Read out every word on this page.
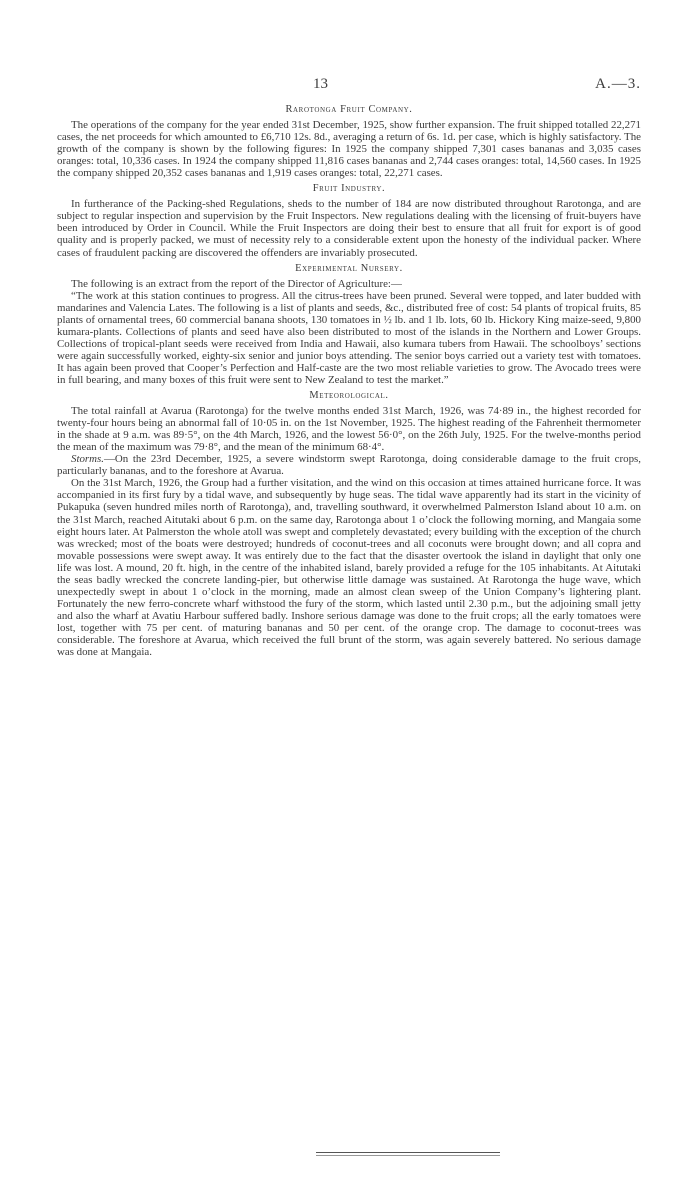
13	A.—3.
Rarotonga Fruit Company.

The operations of the company for the year ended 31st December, 1925, show further expansion. The fruit shipped totalled 22,271 cases, the net proceeds for which amounted to £6,710 12s. 8d., averaging a return of 6s. 1d. per case, which is highly satisfactory. The growth of the company is shown by the following figures: In 1925 the company shipped 7,301 cases bananas and 3,035 cases oranges: total, 10,336 cases. In 1924 the company shipped 11,816 cases bananas and 2,744 cases oranges: total, 14,560 cases. In 1925 the company shipped 20,352 cases bananas and 1,919 cases oranges: total, 22,271 cases.

Fruit Industry.

In furtherance of the Packing-shed Regulations, sheds to the number of 184 are now distributed throughout Rarotonga, and are subject to regular inspection and supervision by the Fruit Inspectors. New regulations dealing with the licensing of fruit-buyers have been introduced by Order in Council. While the Fruit Inspectors are doing their best to ensure that all fruit for export is of good quality and is properly packed, we must of necessity rely to a considerable extent upon the honesty of the individual packer. Where cases of fraudulent packing are discovered the offenders are invariably prosecuted.

Experimental Nursery.

The following is an extract from the report of the Director of Agriculture:—

“The work at this station continues to progress. All the citrus-trees have been pruned. Several were topped, and later budded with mandarines and Valencia Lates. The following is a list of plants and seeds, &c., distributed free of cost: 54 plants of tropical fruits, 85 plants of ornamental trees, 60 commercial banana shoots, 130 tomatoes in ½ lb. and 1 lb. lots, 60 lb. Hickory King maize-seed, 9,800 kumara-plants. Collections of plants and seed have also been distributed to most of the islands in the Northern and Lower Groups. Collections of tropical-plant seeds were received from India and Hawaii, also kumara tubers from Hawaii. The schoolboys’ sections were again successfully worked, eighty-six senior and junior boys attending. The senior boys carried out a variety test with tomatoes. It has again been proved that Cooper’s Perfection and Half-caste are the two most reliable varieties to grow. The Avocado trees were in full bearing, and many boxes of this fruit were sent to New Zealand to test the market.”

Meteorological.

The total rainfall at Avarua (Rarotonga) for the twelve months ended 31st March, 1926, was 74·89 in., the highest recorded for twenty-four hours being an abnormal fall of 10·05 in. on the 1st November, 1925. The highest reading of the Fahrenheit thermometer in the shade at 9 a.m. was 89·5°, on the 4th March, 1926, and the lowest 56·0°, on the 26th July, 1925. For the twelve-months period the mean of the maximum was 79·8°, and the mean of the minimum 68·4°.

Storms.—On the 23rd December, 1925, a severe windstorm swept Rarotonga, doing considerable damage to the fruit crops, particularly bananas, and to the foreshore at Avarua.

On the 31st March, 1926, the Group had a further visitation, and the wind on this occasion at times attained hurricane force. It was accompanied in its first fury by a tidal wave, and subsequently by huge seas. The tidal wave apparently had its start in the vicinity of Pukapuka (seven hundred miles north of Rarotonga), and, travelling southward, it overwhelmed Palmerston Island about 10 a.m. on the 31st March, reached Aitutaki about 6 p.m. on the same day, Rarotonga about 1 o’clock the following morning, and Mangaia some eight hours later. At Palmerston the whole atoll was swept and completely devastated; every building with the exception of the church was wrecked; most of the boats were destroyed; hundreds of coconut-trees and all coconuts were brought down; and all copra and movable possessions were swept away. It was entirely due to the fact that the disaster overtook the island in daylight that only one life was lost. A mound, 20 ft. high, in the centre of the inhabited island, barely provided a refuge for the 105 inhabitants. At Aitutaki the seas badly wrecked the concrete landing-pier, but otherwise little damage was sustained. At Rarotonga the huge wave, which unexpectedly swept in about 1 o’clock in the morning, made an almost clean sweep of the Union Company’s lightering plant. Fortunately the new ferro-concrete wharf withstood the fury of the storm, which lasted until 2.30 p.m., but the adjoining small jetty and also the wharf at Avatiu Harbour suffered badly. Inshore serious damage was done to the fruit crops; all the early tomatoes were lost, together with 75 per cent. of maturing bananas and 50 per cent. of the orange crop. The damage to coconut-trees was considerable. The foreshore at Avarua, which received the full brunt of the storm, was again severely battered. No serious damage was done at Mangaia.
